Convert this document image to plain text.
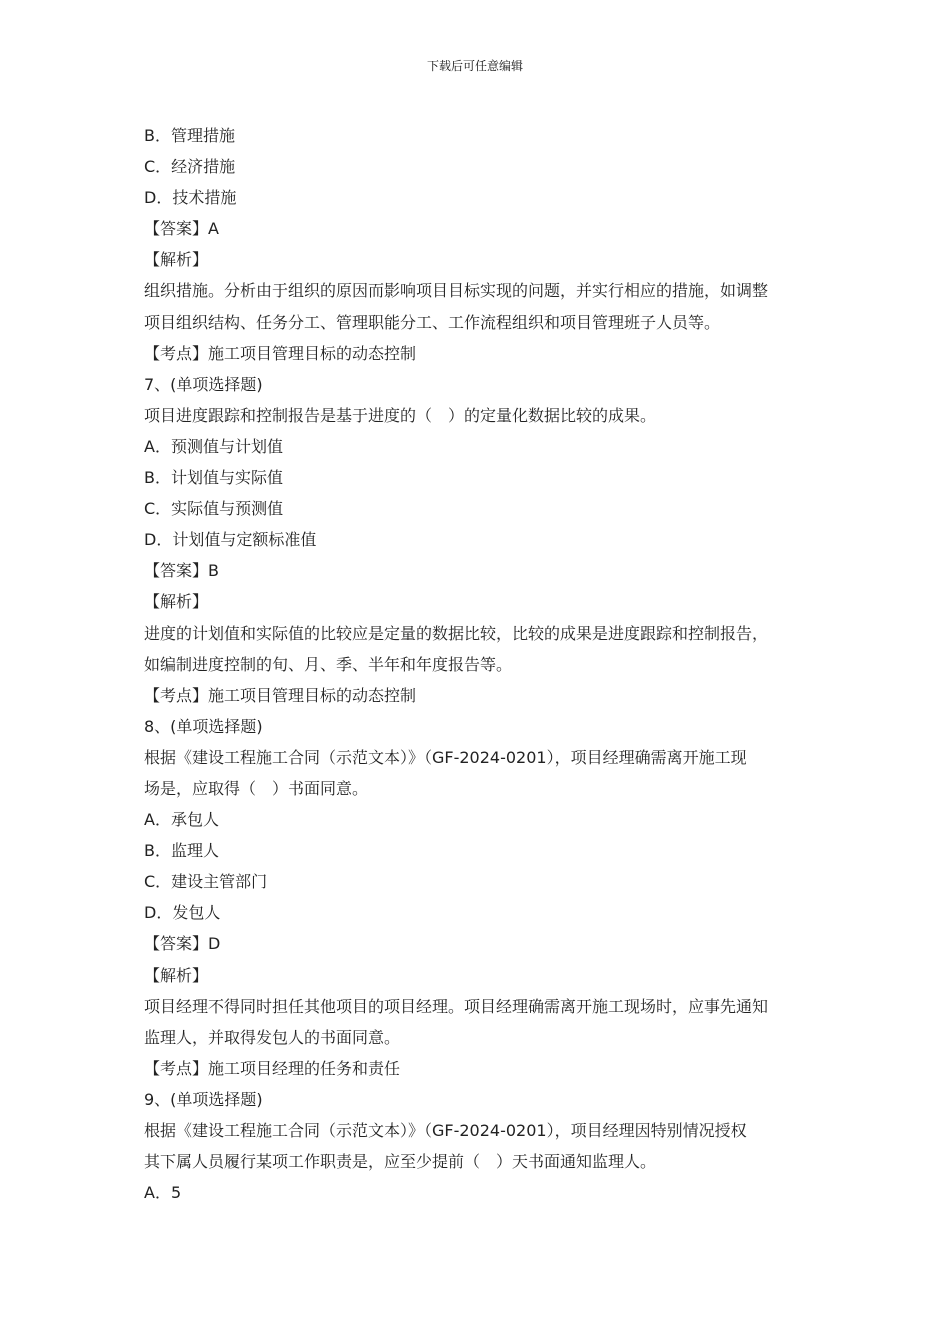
下载后可任意编辑
B．管理措施
C．经济措施
D．技术措施
【答案】A
【解析】
组织措施。分析由于组织的原因而影响项目目标实现的问题，并实行相应的措施，如调整
项目组织结构、任务分工、管理职能分工、工作流程组织和项目管理班子人员等。
【考点】施工项目管理目标的动态控制
7、(单项选择题)
项目进度跟踪和控制报告是基于进度的（　）的定量化数据比较的成果。
A．预测值与计划值
B．计划值与实际值
C．实际值与预测值
D．计划值与定额标准值
【答案】B
【解析】
进度的计划值和实际值的比较应是定量的数据比较，比较的成果是进度跟踪和控制报告，
如编制进度控制的旬、月、季、半年和年度报告等。
【考点】施工项目管理目标的动态控制
8、(单项选择题)
根据《建设工程施工合同（示范文本）》（GF-2024-0201），项目经理确需离开施工现
场是，应取得（　）书面同意。
A．承包人
B．监理人
C．建设主管部门
D．发包人
【答案】D
【解析】
项目经理不得同时担任其他项目的项目经理。项目经理确需离开施工现场时，应事先通知
监理人，并取得发包人的书面同意。
【考点】施工项目经理的任务和责任
9、(单项选择题)
根据《建设工程施工合同（示范文本）》（GF-2024-0201），项目经理因特别情况授权
其下属人员履行某项工作职责是，应至少提前（　）天书面通知监理人。
A．5
